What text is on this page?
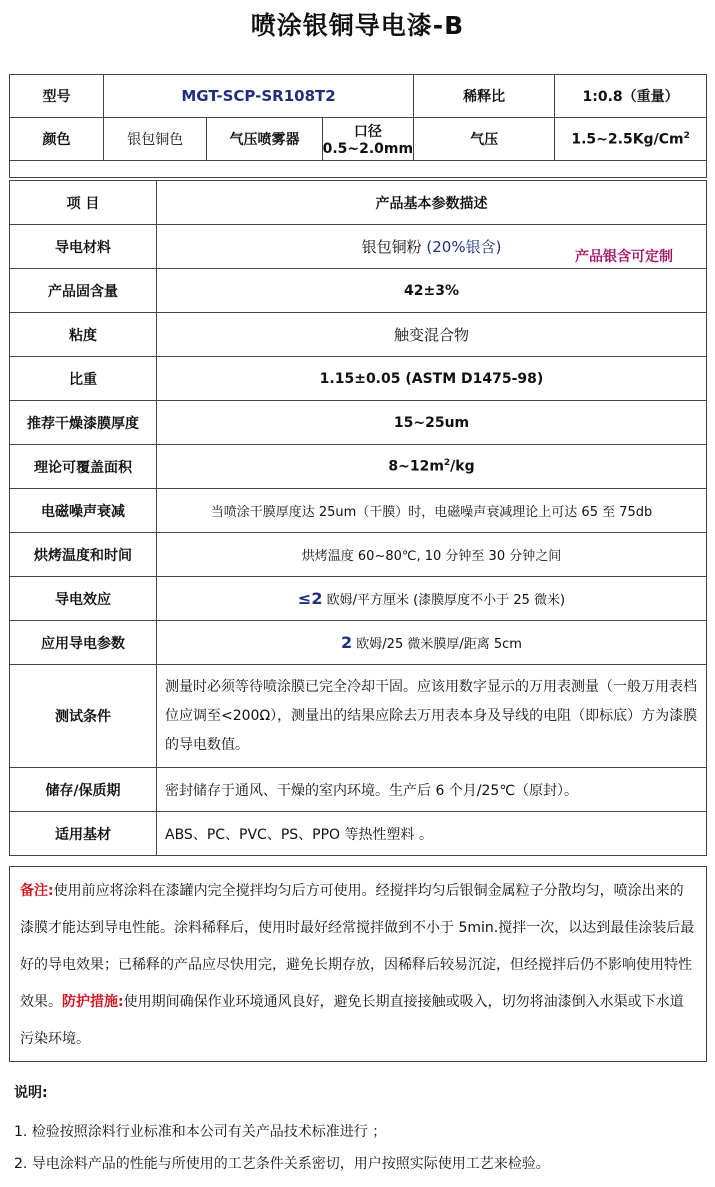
喷涂银铜导电漆-B
型号	MGT-SCP-SR108T2			稀释比	1:0.8（重量）
颜色	银包铜色	气压喷雾器	口径 0.5~2.0mm	气压	1.5~2.5Kg/Cm$^2$

项 目	产品基本参数描述
导电材料	银包铜粉 (20%银含)
产品固含量	42±3%
粘度	触变混合物
比重	1.15±0.05 (ASTM D1475-98)
推荐干燥漆膜厚度	15~25um
理论可覆盖面积	$8\sim 12m^2/kg$
电磁噪声衰减	当喷涂干膜厚度达 25um（干膜）时，电磁噪声衰减理论上可达 65 至 75db
烘烤温度和时间	烘烤温度 60~80℃, 10 分钟至 30 分钟之间
导电效应	≤2 欧姆/平方厘米 (漆膜厚度不小于 25 微米)
应用导电参数	2 欧姆/25 微米膜厚/距离 5cm
测试条件	测量时必须等待喷涂膜已完全冷却干固。应该用数字显示的万用表测量（一般万用表档位应调至<200Ω），测量出的结果应除去万用表本身及导线的电阻（即标底）方为漆膜的导电数值。
储存/保质期	密封储存于通风、干燥的室内环境。生产后 6 个月/25℃（原封）。
适用基材	ABS、PC、PVC、PS、PPO 等热性塑料 。
产品银含可定制
备注:使用前应将涂料在漆罐内完全搅拌均匀后方可使用。经搅拌均匀后银铜金属粒子分散均匀，喷涂出来的漆膜才能达到导电性能。涂料稀释后，使用时最好经常搅拌做到不小于 5min.搅拌一次，以达到最佳涂装后最好的导电效果；已稀释的产品应尽快用完，避免长期存放，因稀释后较易沉淀，但经搅拌后仍不影响使用特性效果。防护措施:使用期间确保作业环境通风良好，避免长期直接接触或吸入，切勿将油漆倒入水渠或下水道污染环境。
说明:
1. 检验按照涂料行业标准和本公司有关产品技术标准进行 ；
2. 导电涂料产品的性能与所使用的工艺条件关系密切，用户按照实际使用工艺来检验。
